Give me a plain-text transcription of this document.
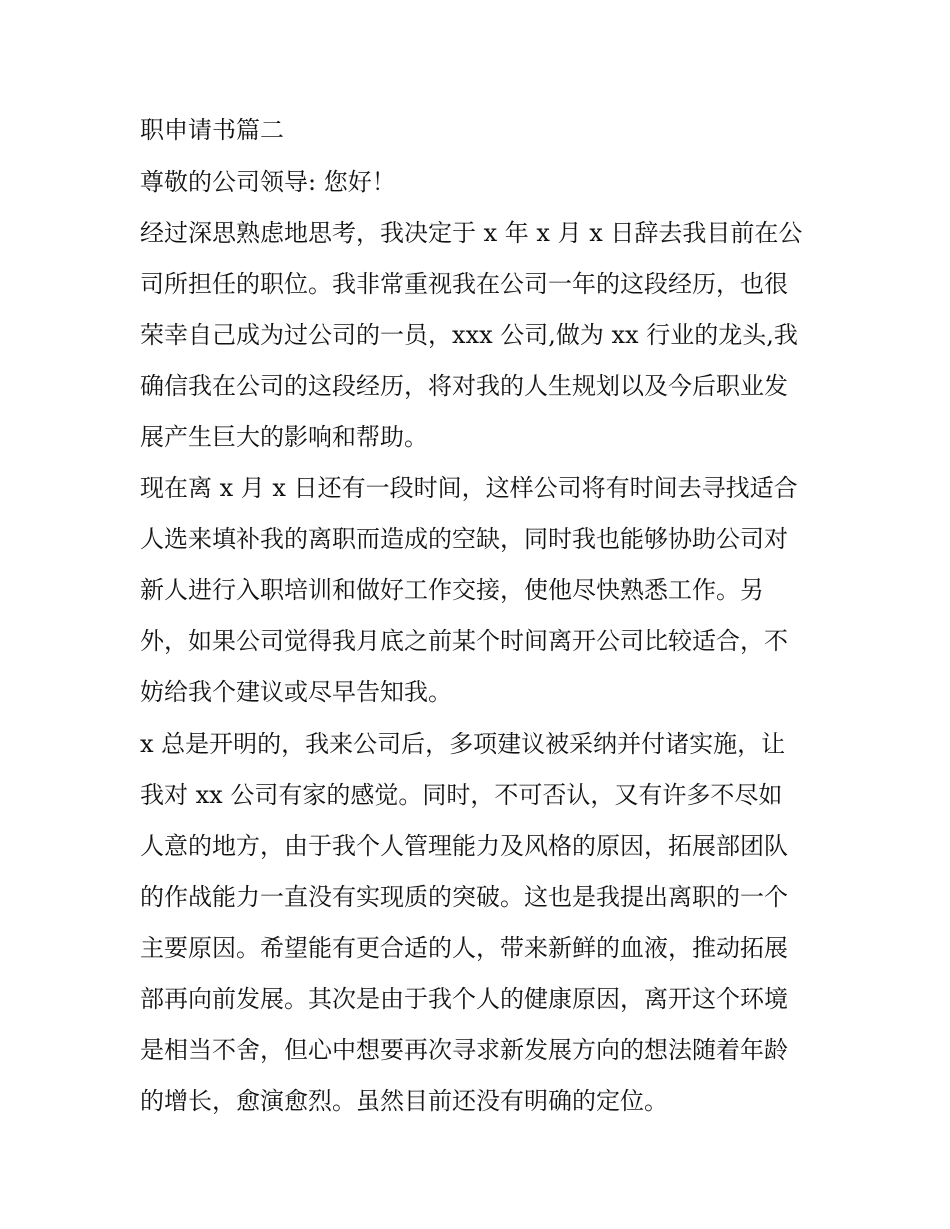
职申请书篇二

尊敬的公司领导: 您好！

经过深思熟虑地思考，我决定于 x 年 x 月 x 日辞去我目前在公

司所担任的职位。我非常重视我在公司一年的这段经历，也很

荣幸自己成为过公司的一员，xxx 公司,做为 xx 行业的龙头,我

确信我在公司的这段经历，将对我的人生规划以及今后职业发

展产生巨大的影响和帮助。

现在离 x 月 x 日还有一段时间，这样公司将有时间去寻找适合

人选来填补我的离职而造成的空缺，同时我也能够协助公司对

新人进行入职培训和做好工作交接，使他尽快熟悉工作。另

外，如果公司觉得我月底之前某个时间离开公司比较适合，不

妨给我个建议或尽早告知我。

x 总是开明的，我来公司后，多项建议被采纳并付诸实施，让

我对 xx 公司有家的感觉。同时，不可否认，又有许多不尽如

人意的地方，由于我个人管理能力及风格的原因，拓展部团队

的作战能力一直没有实现质的突破。这也是我提出离职的一个

主要原因。希望能有更合适的人，带来新鲜的血液，推动拓展

部再向前发展。其次是由于我个人的健康原因，离开这个环境

是相当不舍，但心中想要再次寻求新发展方向的想法随着年龄

的增长，愈演愈烈。虽然目前还没有明确的定位。
